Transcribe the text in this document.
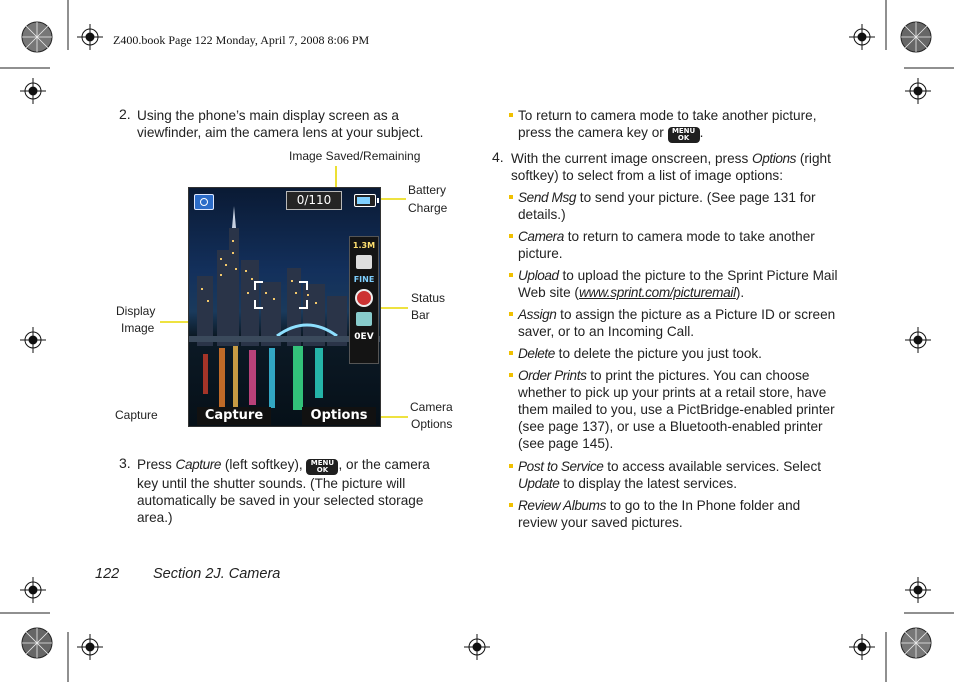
Z400.book Page 122 Monday, April 7, 2008 8:06 PM
2. Using the phone’s main display screen as a viewfinder, aim the camera lens at your subject.
Image Saved/Remaining
Battery
Charge
Display
Image
Status
Bar
Capture
Camera
Options
0/110
1.3M
FINE
0EV
Capture	Options
3. Press Capture (left softkey), MENU
OK , or the camera key until the shutter sounds. (The picture will automatically be saved in your selected storage area.)
To return to camera mode to take another picture, press the camera key or MENU
OK .
4. With the current image onscreen, press Options (right softkey) to select from a list of image options:
Send Msg to send your picture. (See page 131 for details.)
Camera to return to camera mode to take another picture.
Upload to upload the picture to the Sprint Picture Mail Web site (www.sprint.com/picturemail).
Assign to assign the picture as a Picture ID or screen saver, or to an Incoming Call.
Delete to delete the picture you just took.
Order Prints to print the pictures. You can choose whether to pick up your prints at a retail store, have them mailed to you, use a PictBridge-enabled printer (see page 137), or use a Bluetooth-enabled printer (see page 145).
Post to Service to access available services. Select Update to display the latest services.
Review Albums to go to the In Phone folder and review your saved pictures.
122 Section 2J. Camera
